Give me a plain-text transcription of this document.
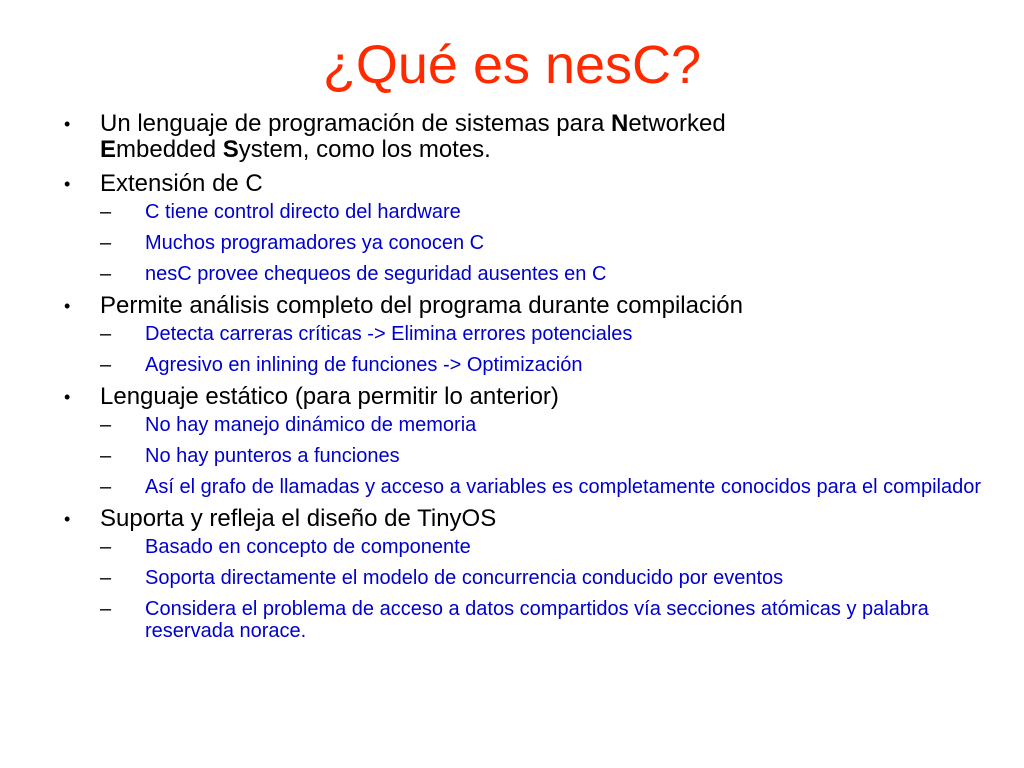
¿Qué es nesC?
•	Un lenguaje de programación de sistemas para Networked
Embedded System, como los motes.
•	Extensión de C
–	C tiene control directo del hardware
–	Muchos programadores ya conocen C
–	nesC provee chequeos de seguridad ausentes en C
•	Permite análisis completo del programa durante compilación
–	Detecta carreras críticas -> Elimina errores potenciales
–	Agresivo en inlining de funciones -> Optimización
•	Lenguaje estático (para permitir lo anterior)
–	No hay manejo dinámico de memoria
–	No hay punteros a funciones
–	Así el grafo de llamadas y acceso a variables es completamente conocidos para el compilador
•	Suporta y refleja el diseño de TinyOS
–	Basado en concepto de componente
–	Soporta directamente el modelo de concurrencia conducido por eventos
–	Considera el problema de acceso a datos compartidos vía secciones atómicas y palabra reservada norace.
